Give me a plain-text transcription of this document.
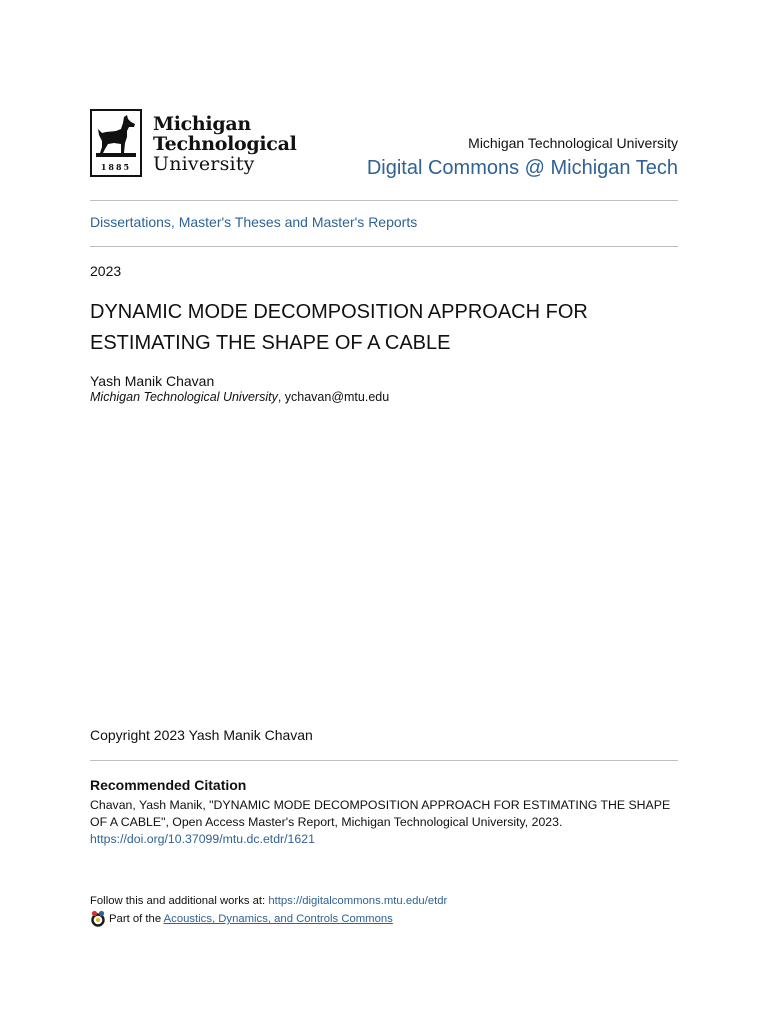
1885
Michigan
Technological
University
Michigan Technological University
Digital Commons @ Michigan Tech
Dissertations, Master's Theses and Master's Reports
2023
DYNAMIC MODE DECOMPOSITION APPROACH FOR ESTIMATING THE SHAPE OF A CABLE
Yash Manik Chavan
Michigan Technological University, ychavan@mtu.edu
Copyright 2023 Yash Manik Chavan
Recommended Citation
Chavan, Yash Manik, "DYNAMIC MODE DECOMPOSITION APPROACH FOR ESTIMATING THE SHAPE OF A CABLE", Open Access Master's Report, Michigan Technological University, 2023.
https://doi.org/10.37099/mtu.dc.etdr/1621
Follow this and additional works at: https://digitalcommons.mtu.edu/etdr
Part of the Acoustics, Dynamics, and Controls Commons
